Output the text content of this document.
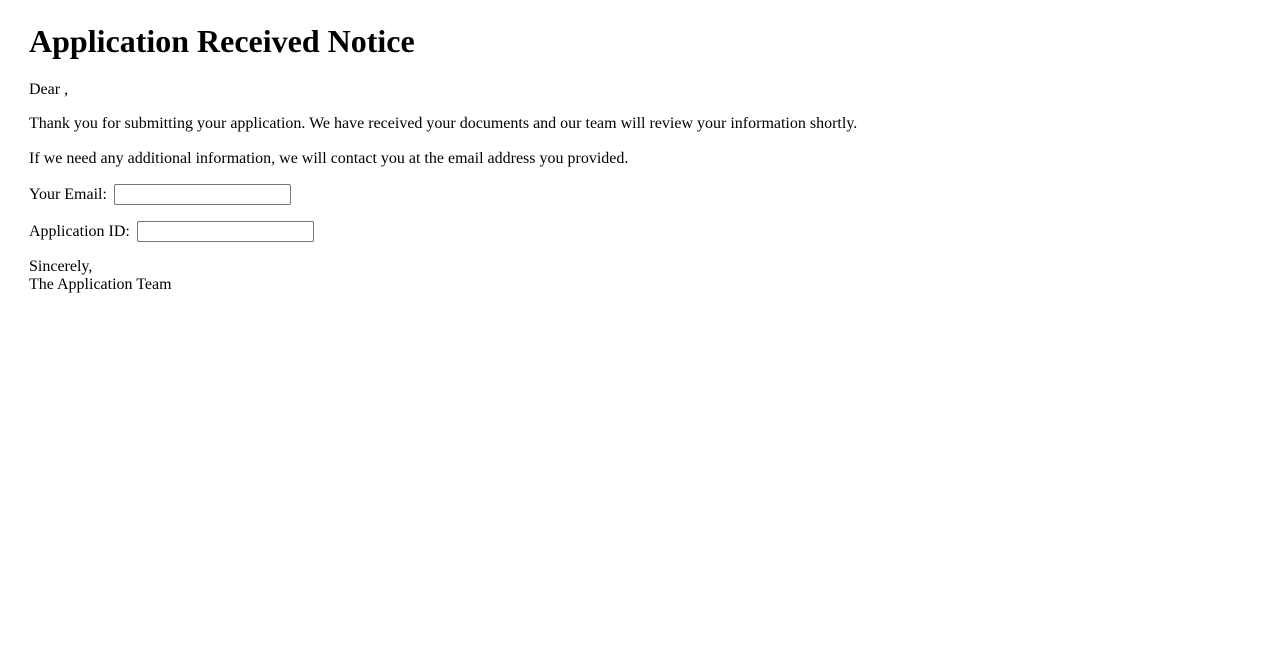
Application Received Notice

Dear ,

Thank you for submitting your application. We have received your documents and our team will review your information shortly.

If we need any additional information, we will contact you at the email address you provided.

Your Email:
Application ID:

Sincerely,
The Application Team
